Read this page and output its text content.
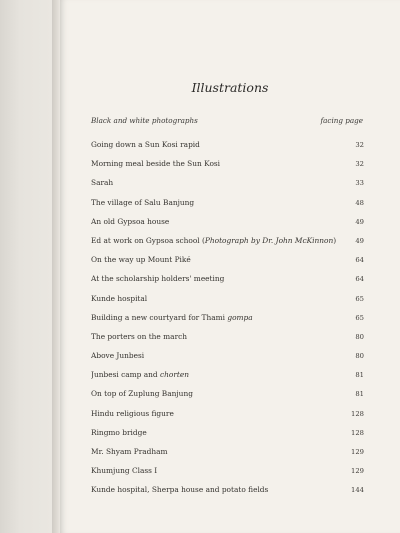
Illustrations
Black and white photographs	facing page
Going down a Sun Kosi rapid	32
Morning meal beside the Sun Kosi	32
Sarah	33
The village of Salu Banjung	48
An old Gypsoa house	49
Ed at work on Gypsoa school (Photograph by Dr. John McKinnon)	49
On the way up Mount Piké	64
At the scholarship holders' meeting	64
Kunde hospital	65
Building a new courtyard for Thami gompa	65
The porters on the march	80
Above Junbesi	80
Junbesi camp and chorten	81
On top of Zuplung Banjung	81
Hindu religious figure	128
Ringmo bridge	128
Mr. Shyam Pradham	129
Khumjung Class I	129
Kunde hospital, Sherpa house and potato fields	144
